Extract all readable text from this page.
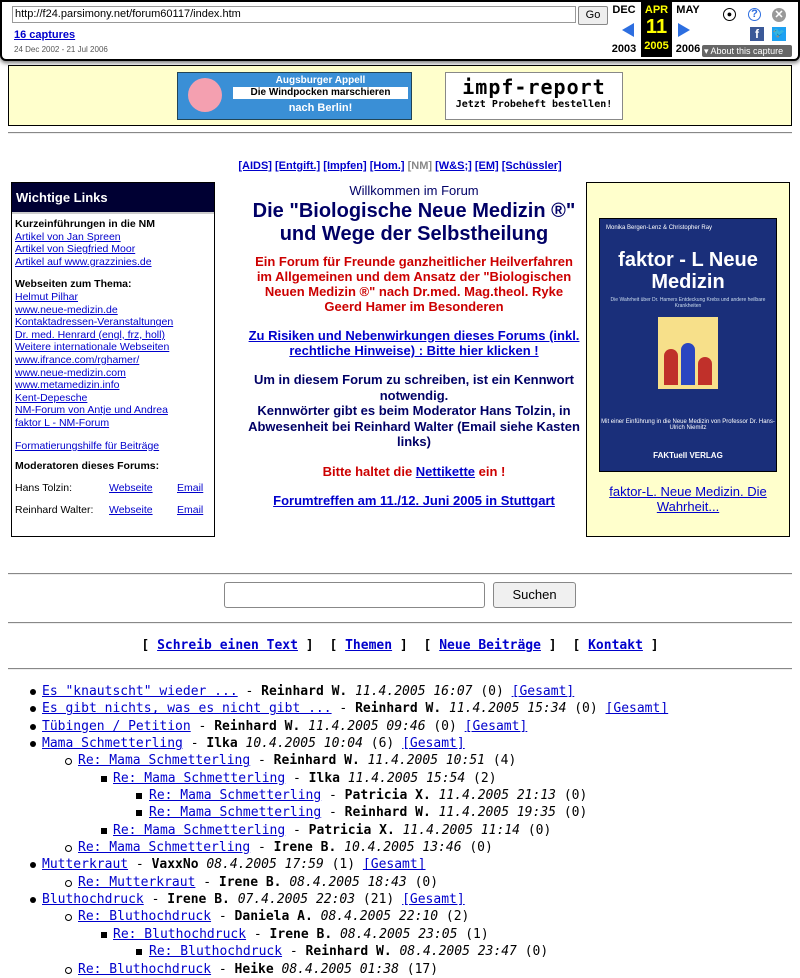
http://f24.parsimony.net/forum60117/index.htm	Go
16 captures
24 Dec 2002 - 21 Jul 2006
DEC
2003
APR
11
2005
MAY
2006
●	? ✕
f	🐦
▾ About this capture
Augsburger Appell
Die Windpocken marschieren
nach Berlin!
impf-report
Jetzt Probeheft bestellen!
[AIDS] [Entgift.] [Impfen] [Hom.] [NM] [W&S;] [EM] [Schüssler]
Wichtige Links
Kurzeinführungen in die NM
Artikel von Jan Spreen
Artikel von Siegfried Moor
Artikel auf www.grazzinies.de
Webseiten zum Thema:
Helmut Pilhar
www.neue-medizin.de
Kontaktadressen-Veranstaltungen
Dr. med. Henrard (engl, frz, holl)
Weitere internationale Webseiten
www.ifrance.com/rghamer/
www.neue-medizin.com
www.metamedizin.info
Kent-Depesche
NM-Forum von Antje und Andrea
faktor L - NM-Forum
Formatierungshilfe für Beiträge
Moderatoren dieses Forums:
Hans Tolzin:	Webseite	Email
Reinhard Walter:	Webseite	Email
Willkommen im Forum
Die "Biologische Neue Medizin ®" und Wege der Selbstheilung
Ein Forum für Freunde ganzheitlicher Heilverfahren im Allgemeinen und dem Ansatz der "Biologischen Neuen Medizin ®" nach Dr.med. Mag.theol. Ryke Geerd Hamer im Besonderen
Zu Risiken und Nebenwirkungen dieses Forums (inkl. rechtliche Hinweise) : Bitte hier klicken !
Um in diesem Forum zu schreiben, ist ein Kennwort notwendig.
Kennwörter gibt es beim Moderator Hans Tolzin, in Abwesenheit bei Reinhard Walter (Email siehe Kasten links)
Bitte haltet die Nettikette ein !
Forumtreffen am 11./12. Juni 2005 in Stuttgart
Monika Bergen-Lenz & Christopher Ray
faktor - L Neue Medizin
Die Wahrheit über Dr. Hamers Entdeckung Krebs und andere heilbare Krankheiten
Mit einer Einführung in die Neue Medizin von Professor Dr. Hans-Ulrich Niemitz
FAKTuell VERLAG
faktor-L. Neue Medizin. Die Wahrheit...
Suchen
[ Schreib einen Text ] [ Themen ] [ Neue Beiträge ] [ Kontakt ]
Es "knautscht" wieder ... - Reinhard W. 11.4.2005 16:07 (0) [Gesamt]
Es gibt nichts, was es nicht gibt ... - Reinhard W. 11.4.2005 15:34 (0) [Gesamt]
Tübingen / Petition - Reinhard W. 11.4.2005 09:46 (0) [Gesamt]
Mama Schmetterling - Ilka 10.4.2005 10:04 (6) [Gesamt]
Re: Mama Schmetterling - Reinhard W. 11.4.2005 10:51 (4)
Re: Mama Schmetterling - Ilka 11.4.2005 15:54 (2)
Re: Mama Schmetterling - Patricia X. 11.4.2005 21:13 (0)
Re: Mama Schmetterling - Reinhard W. 11.4.2005 19:35 (0)
Re: Mama Schmetterling - Patricia X. 11.4.2005 11:14 (0)
Re: Mama Schmetterling - Irene B. 10.4.2005 13:46 (0)
Mutterkraut - VaxxNo 08.4.2005 17:59 (1) [Gesamt]
Re: Mutterkraut - Irene B. 08.4.2005 18:43 (0)
Bluthochdruck - Irene B. 07.4.2005 22:03 (21) [Gesamt]
Re: Bluthochdruck - Daniela A. 08.4.2005 22:10 (2)
Re: Bluthochdruck - Irene B. 08.4.2005 23:05 (1)
Re: Bluthochdruck - Reinhard W. 08.4.2005 23:47 (0)
Re: Bluthochdruck - Heike 08.4.2005 01:38 (17)
